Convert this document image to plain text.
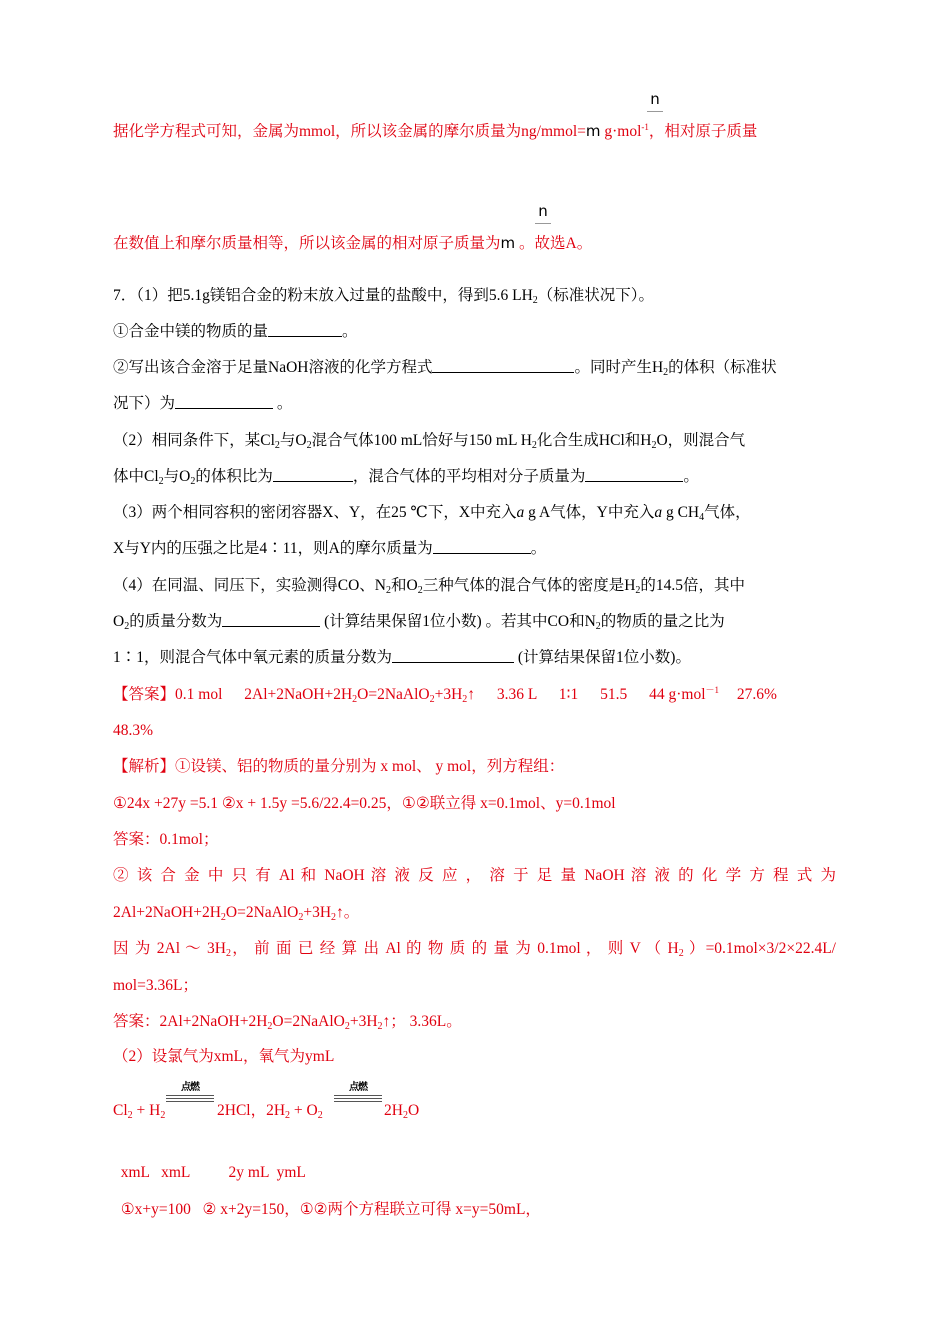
n
据化学方程式可知，金属为mmol，所以该金属的摩尔质量为ng/mmol=m g·mol$^{-1}$，相对原子质量
n
在数值上和摩尔质量相等，所以该金属的相对原子质量为m 。故选A。
7．（1）把5.1g镁铝合金的粉末放入过量的盐酸中，得到5.6 $LH_2$（标准状况下）。
①合金中镁的物质的量	。
②写出该合金溶于足量NaOH溶液的化学方程式	。同时产生$H_2$的体积（标准状
况下）为	。
（2）相同条件下，某$Cl_2$与$O_2$混合气体100 mL恰好与150 mL $H_2$化合生成HCl和$H_2O$，则混合气
体中$Cl_2$与$O_2$的体积比为	，混合气体的平均相对分子质量为	。
（3）两个相同容积的密闭容器X、Y，在25 ℃下，X中充入a g A气体，Y中充入a g $CH_4$气体，
X与Y内的压强之比是4∶11，则A的摩尔质量为	。
（4）在同温、同压下，实验测得CO、$N_2$和$O_2$三种气体的混合气体的密度是$H_2$的14.5倍，其中
$O_2$的质量分数为	(计算结果保留1位小数) 。若其中CO和$N_2$的物质的量之比为
1∶1，则混合气体中氧元素的质量分数为	(计算结果保留1位小数)。
【答案】0.1 mol $2Al+2NaOH+2H_2O=2NaAlO_2+3H_2↑$ 3.36 L 1∶1 51.5 44 g·mol$^{-1}$ 27.6%
48.3%
【解析】①设镁、铝的物质的量分别为 x mol、 y mol，列方程组：
①24x +27y =5.1 ②x + 1.5y =5.6/22.4=0.25，①②联立得 x=0.1mol、y=0.1mol
答案：0.1mol；
② 该 合 金 中 只 有 Al 和 NaOH 溶 液 反 应 ， 溶 于 足 量 NaOH 溶 液 的 化 学 方 程 式 为
$2Al+2NaOH+2H_2O=2NaAlO_2+3H_2↑$。
因 为 2Al ～ $3H_2$， 前 面 已 经 算 出 Al 的 物 质 的 量 为 0.1mol ， 则 V （ $H_2$ ）=0.1mol×3/2×22.4L/
mol=3.36L；
答案：$2Al+2NaOH+2H_2O=2NaAlO_2+3H_2↑$； 3.36L。
（2）设氯气为xmL，氧气为ymL
点燃	点燃
$Cl_2 + H_2$	2HCl，$2H_2 + O_2$	$2H_2O$

xmL   xmL          2y mL  ymL

①x+y=100   ② x+2y=150，①②两个方程联立可得 x=y=50mL，
